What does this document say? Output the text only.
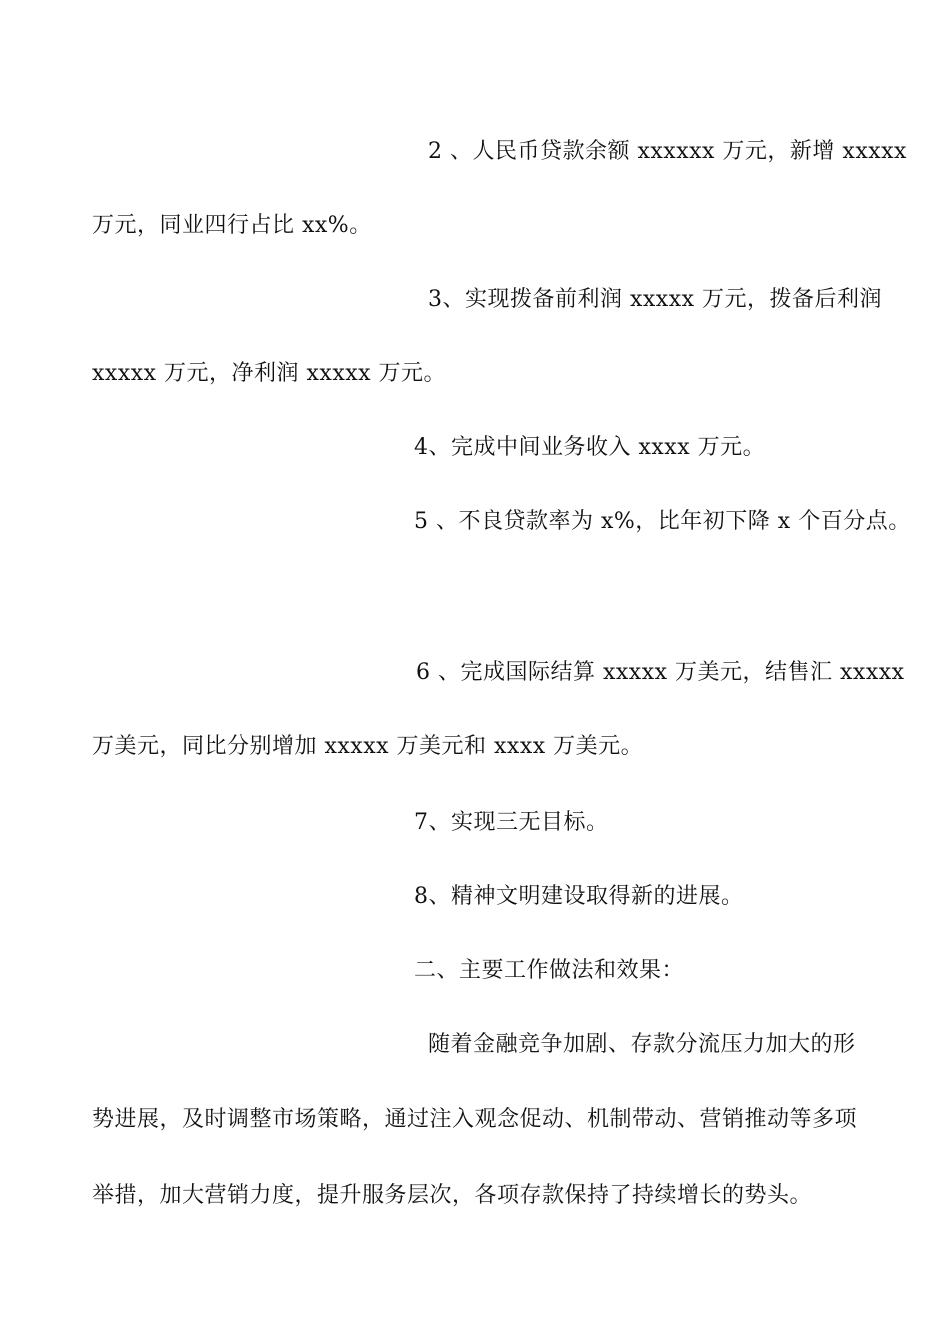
2 、人民币贷款余额 xxxxxx 万元，新增 xxxxx
万元，同业四行占比 xx%。
3、实现拨备前利润 xxxxx 万元，拨备后利润
xxxxx 万元，净利润 xxxxx 万元。
4、完成中间业务收入 xxxx 万元。
5 、不良贷款率为 x%，比年初下降 x 个百分点。
6 、完成国际结算 xxxxx 万美元，结售汇 xxxxx
万美元，同比分别增加 xxxxx 万美元和 xxxx 万美元。
7、实现三无目标。
8、精神文明建设取得新的进展。
二、主要工作做法和效果：
随着金融竞争加剧、存款分流压力加大的形
势进展，及时调整市场策略，通过注入观念促动、机制带动、营销推动等多项
举措，加大营销力度，提升服务层次，各项存款保持了持续增长的势头。
